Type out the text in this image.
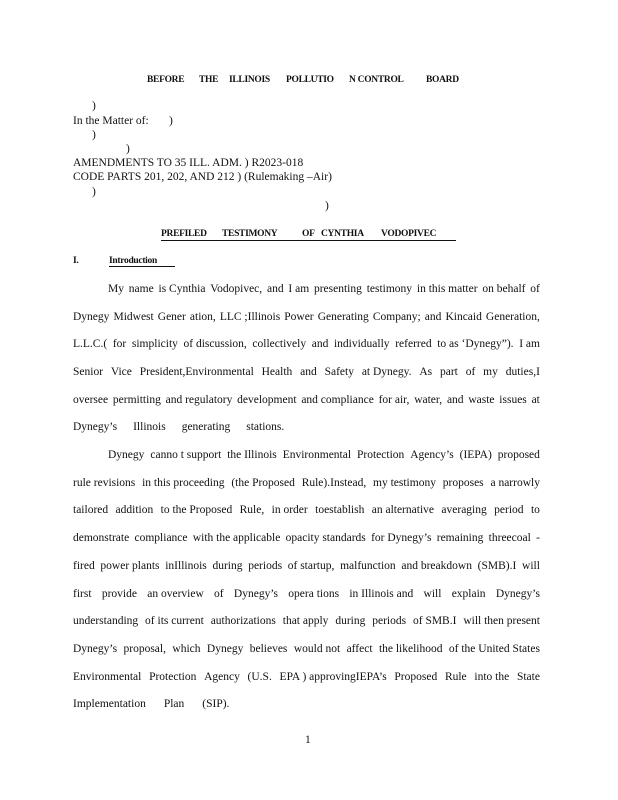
BEFORE THE ILLINOIS POLLUTIO N CONTROL BOARD
)
In the Matter of: )
)
)
AMENDMENTS TO 35 ILL. ADM. ) R2023-018
CODE PARTS 201, 202, AND 212 ) (Rulemaking –Air)
)
)
PREFILED TESTIMONY	OF CYNTHIA VODOPIVEC
I.	Introduction
My name is Cynthia Vodopivec, and I am presenting testimony in this matter on behalf of
Dynegy Midwest Gener ation, LLC ;Illinois Power Generating Company; and Kincaid Generation,
L.L.C.( for simplicity of discussion, collectively and individually referred to as ‘Dynegy”). I am
Senior Vice President,Environmental Health and Safety at Dynegy. As part of my duties,I
oversee permitting and regulatory development and compliance for air, water, and waste issues at
Dynegy’s Illinois generating stations.
Dynegy canno t support the Illinois Environmental Protection Agency’s (IEPA) proposed
rule revisions in this proceeding (the Proposed Rule).Instead, my testimony proposes a narrowly
tailored addition to the Proposed Rule, in order toestablish an alternative averaging period to
demonstrate compliance with the applicable opacity standards for Dynegy’s remaining threecoal -
fired power plants inIllinois during periods of startup, malfunction and breakdown (SMB).I will
first provide an overview of Dynegy’s opera tions in Illinois and will explain Dynegy’s
understanding of its current authorizations that apply during periods of SMB.I will then present
Dynegy’s proposal, which Dynegy believes would not affect the likelihood of the United States
Environmental Protection Agency (U.S. EPA ) approvingIEPA’s Proposed Rule into the State
Implementation Plan (SIP).
1
